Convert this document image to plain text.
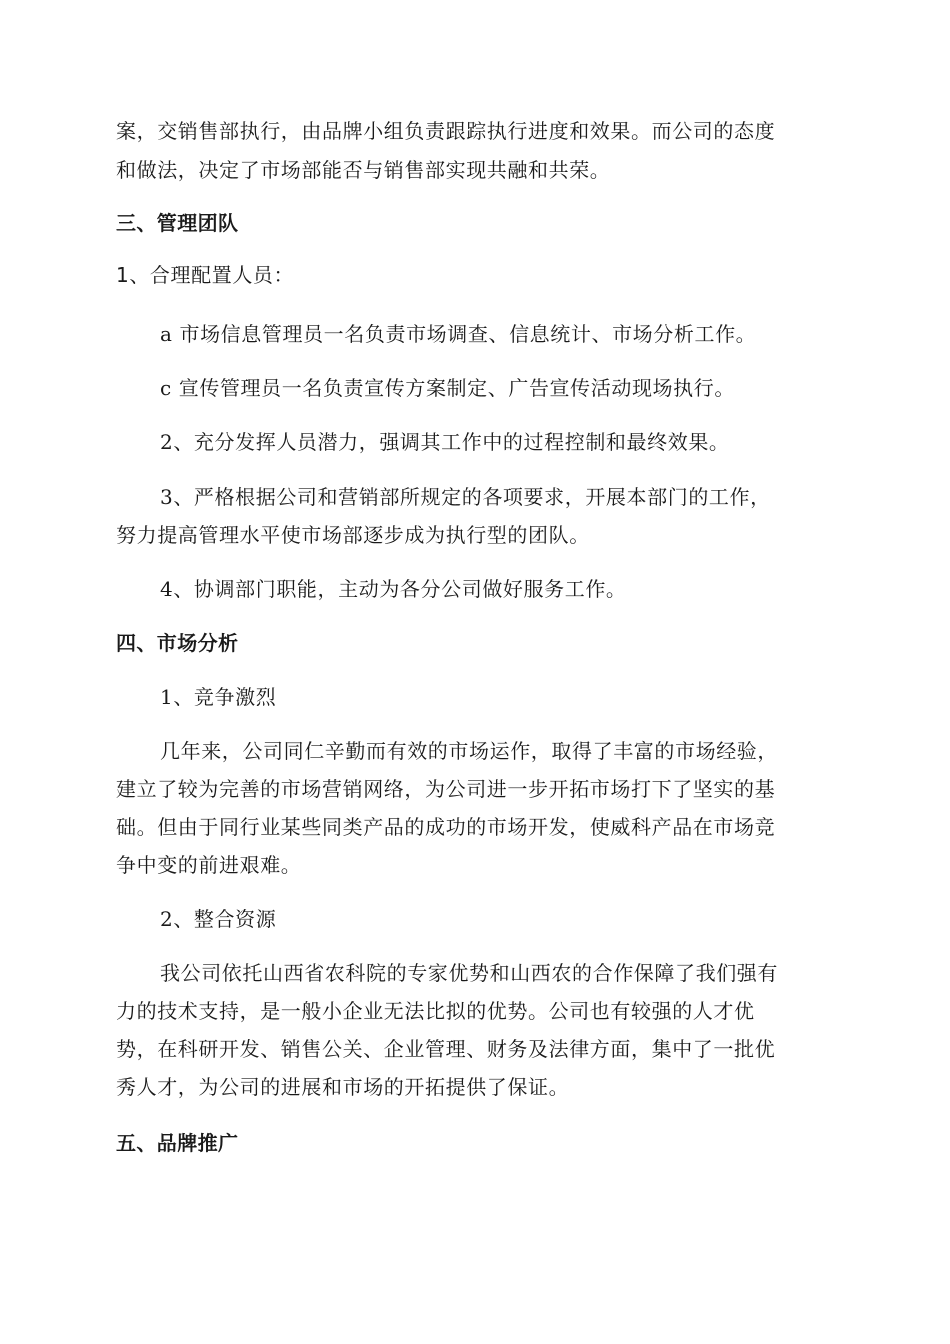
案，交销售部执行，由品牌小组负责跟踪执行进度和效果。而公司的态度
和做法，决定了市场部能否与销售部实现共融和共荣。
三、管理团队
1、合理配置人员：
a 市场信息管理员一名负责市场调查、信息统计、市场分析工作。
c 宣传管理员一名负责宣传方案制定、广告宣传活动现场执行。
2、充分发挥人员潜力，强调其工作中的过程控制和最终效果。
3、严格根据公司和营销部所规定的各项要求，开展本部门的工作，
努力提高管理水平使市场部逐步成为执行型的团队。
4、协调部门职能，主动为各分公司做好服务工作。
四、市场分析
1、竞争激烈
几年来，公司同仁辛勤而有效的市场运作，取得了丰富的市场经验，
建立了较为完善的市场营销网络，为公司进一步开拓市场打下了坚实的基
础。但由于同行业某些同类产品的成功的市场开发，使威科产品在市场竞
争中变的前进艰难。
2、整合资源
我公司依托山西省农科院的专家优势和山西农的合作保障了我们强有
力的技术支持，是一般小企业无法比拟的优势。公司也有较强的人才优
势，在科研开发、销售公关、企业管理、财务及法律方面，集中了一批优
秀人才，为公司的进展和市场的开拓提供了保证。
五、品牌推广
